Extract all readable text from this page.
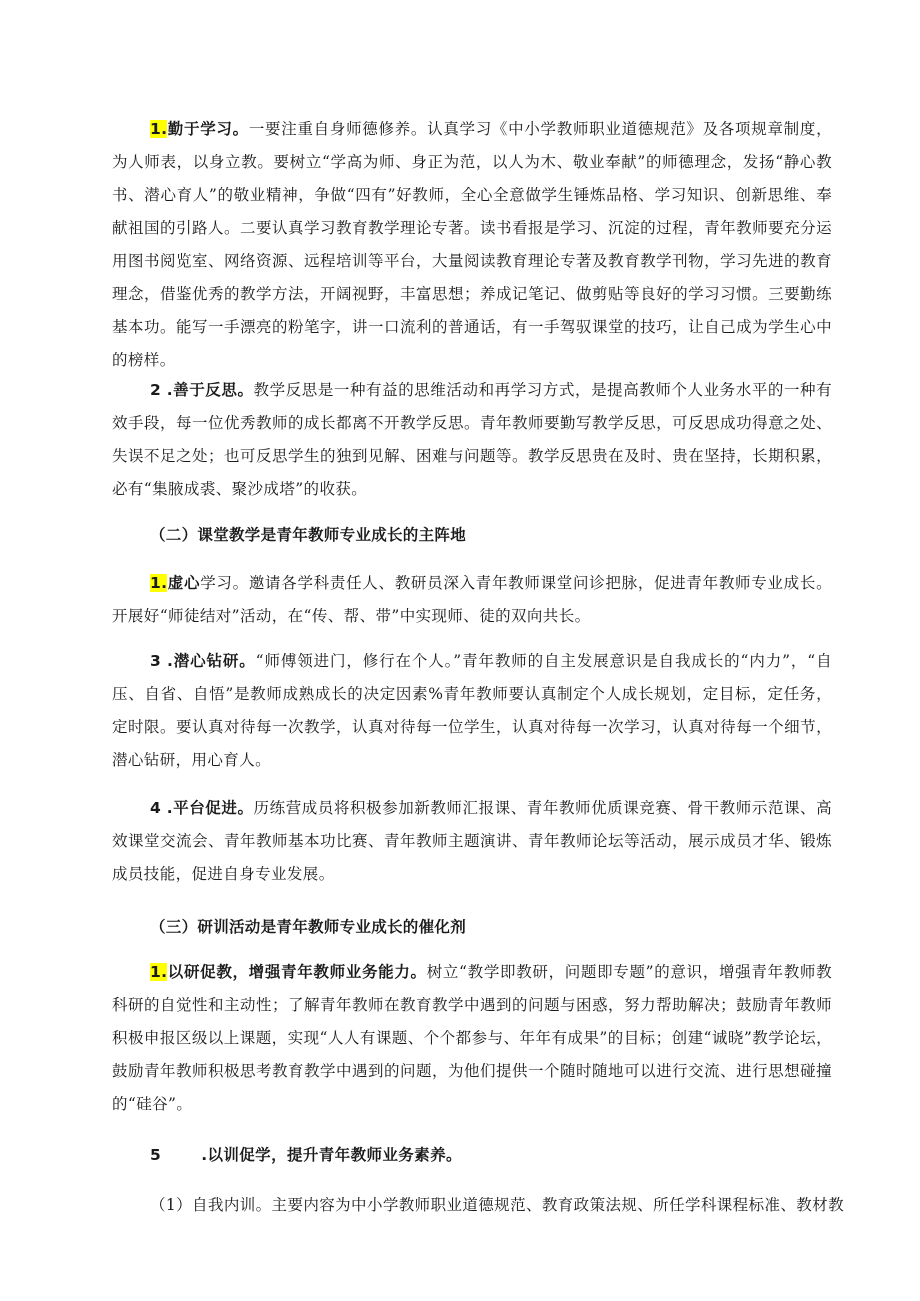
1.勤于学习。一要注重自身师德修养。认真学习《中小学教师职业道德规范》及各项规章制度，为人师表，以身立教。要树立“学高为师、身正为范，以人为木、敬业奉献”的师德理念，发扬“静心教书、潜心育人”的敬业精神，争做“四有”好教师，全心全意做学生锤炼品格、学习知识、创新思维、奉献祖国的引路人。二要认真学习教育教学理论专著。读书看报是学习、沉淀的过程，青年教师要充分运用图书阅览室、网络资源、远程培训等平台，大量阅读教育理论专著及教育教学刊物，学习先进的教育理念，借鉴优秀的教学方法，开阔视野，丰富思想；养成记笔记、做剪贴等良好的学习习惯。三要勤练基本功。能写一手漂亮的粉笔字，讲一口流利的普通话，有一手驾驭课堂的技巧，让自己成为学生心中的榜样。

2 .善于反思。教学反思是一种有益的思维活动和再学习方式，是提高教师个人业务水平的一种有效手段，每一位优秀教师的成长都离不开教学反思。青年教师要勤写教学反思，可反思成功得意之处、失误不足之处；也可反思学生的独到见解、困难与问题等。教学反思贵在及时、贵在坚持，长期积累，必有“集腋成裘、聚沙成塔”的收获。

（二）课堂教学是青年教师专业成长的主阵地

1.虚心学习。邀请各学科责任人、教研员深入青年教师课堂问诊把脉，促进青年教师专业成长。开展好“师徒结对”活动，在“传、帮、带”中实现师、徒的双向共长。

3 .潜心钻研。“师傅领进门，修行在个人。”青年教师的自主发展意识是自我成长的“内力”，“自压、自省、自悟”是教师成熟成长的决定因素%青年教师要认真制定个人成长规划，定目标，定任务，定时限。要认真对待每一次教学，认真对待每一位学生，认真对待每一次学习，认真对待每一个细节，潜心钻研，用心育人。

4 .平台促进。历练营成员将积极参加新教师汇报课、青年教师优质课竞赛、骨干教师示范课、高效课堂交流会、青年教师基本功比赛、青年教师主题演讲、青年教师论坛等活动，展示成员才华、锻炼成员技能，促进自身专业发展。

（三）研训活动是青年教师专业成长的催化剂

1.以研促教，增强青年教师业务能力。树立“教学即教研，问题即专题”的意识，增强青年教师教科研的自觉性和主动性；了解青年教师在教育教学中遇到的问题与困惑，努力帮助解决；鼓励青年教师积极申报区级以上课题，实现“人人有课题、个个都参与、年年有成果”的目标；创建“诚晓”教学论坛，鼓励青年教师积极思考教育教学中遇到的问题，为他们提供一个随时随地可以进行交流、进行思想碰撞的“硅谷”。

5	.以训促学，提升青年教师业务素养。

（1）自我内训。主要内容为中小学教师职业道德规范、教育政策法规、所任学科课程标准、教材教
